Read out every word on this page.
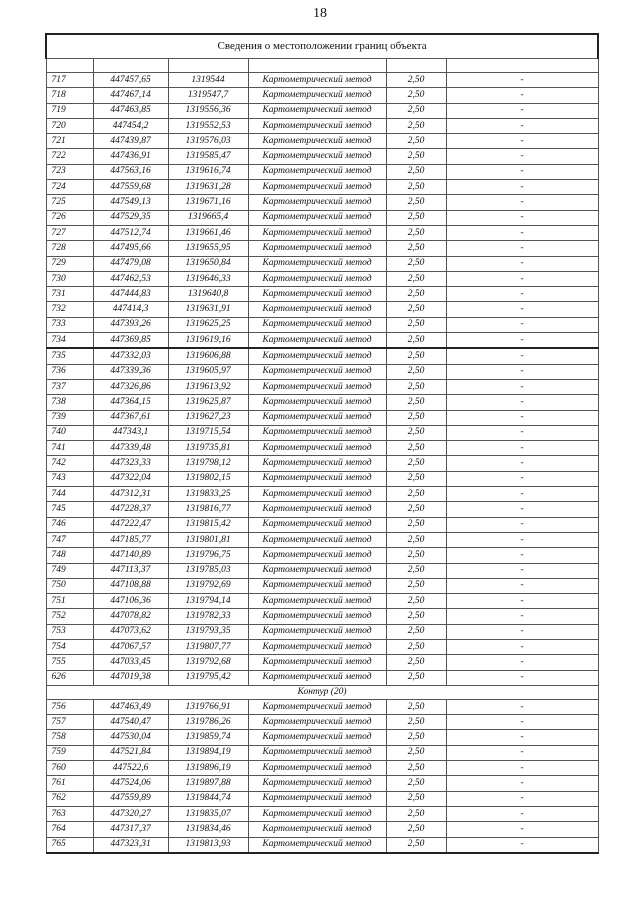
18
Сведения о местоположении границ объекта					

717	447457,65	1319544	Картометрический метод	2,50	-
718	447467,14	1319547,7	Картометрический метод	2,50	-
719	447463,85	1319556,36	Картометрический метод	2,50	-
720	447454,2	1319552,53	Картометрический метод	2,50	-
721	447439,87	1319576,03	Картометрический метод	2,50	-
722	447436,91	1319585,47	Картометрический метод	2,50	-
723	447563,16	1319616,74	Картометрический метод	2,50	-
724	447559,68	1319631,28	Картометрический метод	2,50	-
725	447549,13	1319671,16	Картометрический метод	2,50	-
726	447529,35	1319665,4	Картометрический метод	2,50	-
727	447512,74	1319661,46	Картометрический метод	2,50	-
728	447495,66	1319655,95	Картометрический метод	2,50	-
729	447479,08	1319650,84	Картометрический метод	2,50	-
730	447462,53	1319646,33	Картометрический метод	2,50	-
731	447444,83	1319640,8	Картометрический метод	2,50	-
732	447414,3	1319631,91	Картометрический метод	2,50	-
733	447393,26	1319625,25	Картометрический метод	2,50	-
734	447369,85	1319619,16	Картометрический метод	2,50	-
735	447332,03	1319606,88	Картометрический метод	2,50	-
736	447339,36	1319605,97	Картометрический метод	2,50	-
737	447326,86	1319613,92	Картометрический метод	2,50	-
738	447364,15	1319625,87	Картометрический метод	2,50	-
739	447367,61	1319627,23	Картометрический метод	2,50	-
740	447343,1	1319715,54	Картометрический метод	2,50	-
741	447339,48	1319735,81	Картометрический метод	2,50	-
742	447323,33	1319798,12	Картометрический метод	2,50	-
743	447322,04	1319802,15	Картометрический метод	2,50	-
744	447312,31	1319833,25	Картометрический метод	2,50	-
745	447228,37	1319816,77	Картометрический метод	2,50	-
746	447222,47	1319815,42	Картометрический метод	2,50	-
747	447185,77	1319801,81	Картометрический метод	2,50	-
748	447140,89	1319796,75	Картометрический метод	2,50	-
749	447113,37	1319785,03	Картометрический метод	2,50	-
750	447108,88	1319792,69	Картометрический метод	2,50	-
751	447106,36	1319794,14	Картометрический метод	2,50	-
752	447078,82	1319782,33	Картометрический метод	2,50	-
753	447073,62	1319793,35	Картометрический метод	2,50	-
754	447067,57	1319807,77	Картометрический метод	2,50	-
755	447033,45	1319792,68	Картометрический метод	2,50	-
626	447019,38	1319795,42	Картометрический метод	2,50	-
Контур (20)					
756	447463,49	1319766,91	Картометрический метод	2,50	-
757	447540,47	1319786,26	Картометрический метод	2,50	-
758	447530,04	1319859,74	Картометрический метод	2,50	-
759	447521,84	1319894,19	Картометрический метод	2,50	-
760	447522,6	1319896,19	Картометрический метод	2,50	-
761	447524,06	1319897,88	Картометрический метод	2,50	-
762	447559,89	1319844,74	Картометрический метод	2,50	-
763	447320,27	1319835,07	Картометрический метод	2,50	-
764	447317,37	1319834,46	Картометрический метод	2,50	-
765	447323,31	1319813,93	Картометрический метод	2,50	-
